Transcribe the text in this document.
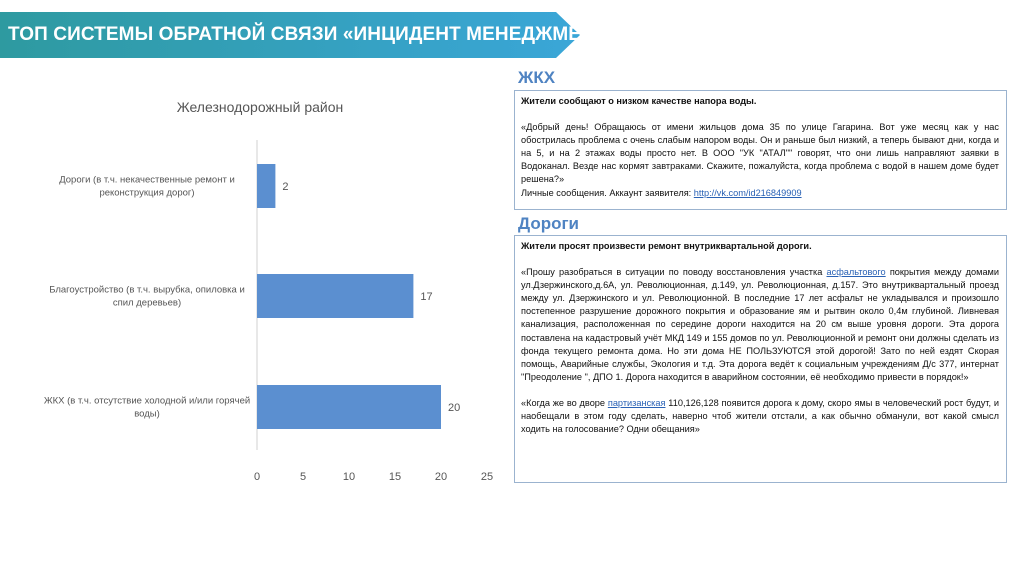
ТОП СИСТЕМЫ ОБРАТНОЙ СВЯЗИ «ИНЦИДЕНТ МЕНЕДЖМЕНТ»
Железнодорожный район
2
Дороги (в т.ч. некачественные ремонт и
реконструкция дорог)
17
Благоустройство (в т.ч. вырубка, опиловка и
спил деревьев)
20
ЖКХ (в т.ч. отсутствие холодной и/или горячей
воды)
0	5	10	15	20	25
ЖКХ

Жители сообщают о низком качестве напора воды.

«Добрый день! Обращаюсь от имени жильцов дома 35 по улице Гагарина. Вот уже месяц как у нас обострилась проблема с очень слабым напором воды. Он и раньше был низкий, а теперь бывают дни, когда и на 5, и на 2 этажах воды просто нет. В ООО "УК "АТАЛ"" говорят, что они лишь направляют заявки в Водоканал. Везде нас кормят завтраками. Скажите, пожалуйста, когда проблема с водой в нашем доме будет решена?»

Личные сообщения. Аккаунт заявителя: http://vk.com/id216849909

Дороги

Жители просят произвести ремонт внутриквартальной дороги.

«Прошу разобраться в ситуации по поводу восстановления участка асфальтового покрытия между домами ул.Дзержинского,д.6А, ул. Революционная, д.149, ул. Революционная, д.157. Это внутриквартальный проезд между ул. Дзержинского и ул. Революционной. В последние 17 лет асфальт не укладывался и произошло постепенное разрушение дорожного покрытия и образование ям и рытвин около 0,4м глубиной. Ливневая канализация, расположенная по середине дороги находится на 20 см выше уровня дороги. Эта дорога поставлена на кадастровый учёт МКД 149 и 155 домов по ул. Революционной и ремонт они должны сделать из фонда текущего ремонта дома. Но эти дома НЕ ПОЛЬЗУЮТСЯ этой дорогой! Зато по ней ездят Скорая помощь, Аварийные службы, Экология и т.д. Эта дорога ведёт к социальным учреждениям Д/с 377, интернат "Преодоление ", ДПО 1. Дорога находится в аварийном состоянии, её необходимо привести в порядок!»

«Когда же во дворе партизанская 110,126,128 появится дорога к дому, скоро ямы в человеческий рост будут, и наобещали в этом году сделать, наверно чтоб жители отстали, а как обычно обманули, вот какой смысл ходить на голосование? Одни обещания»
